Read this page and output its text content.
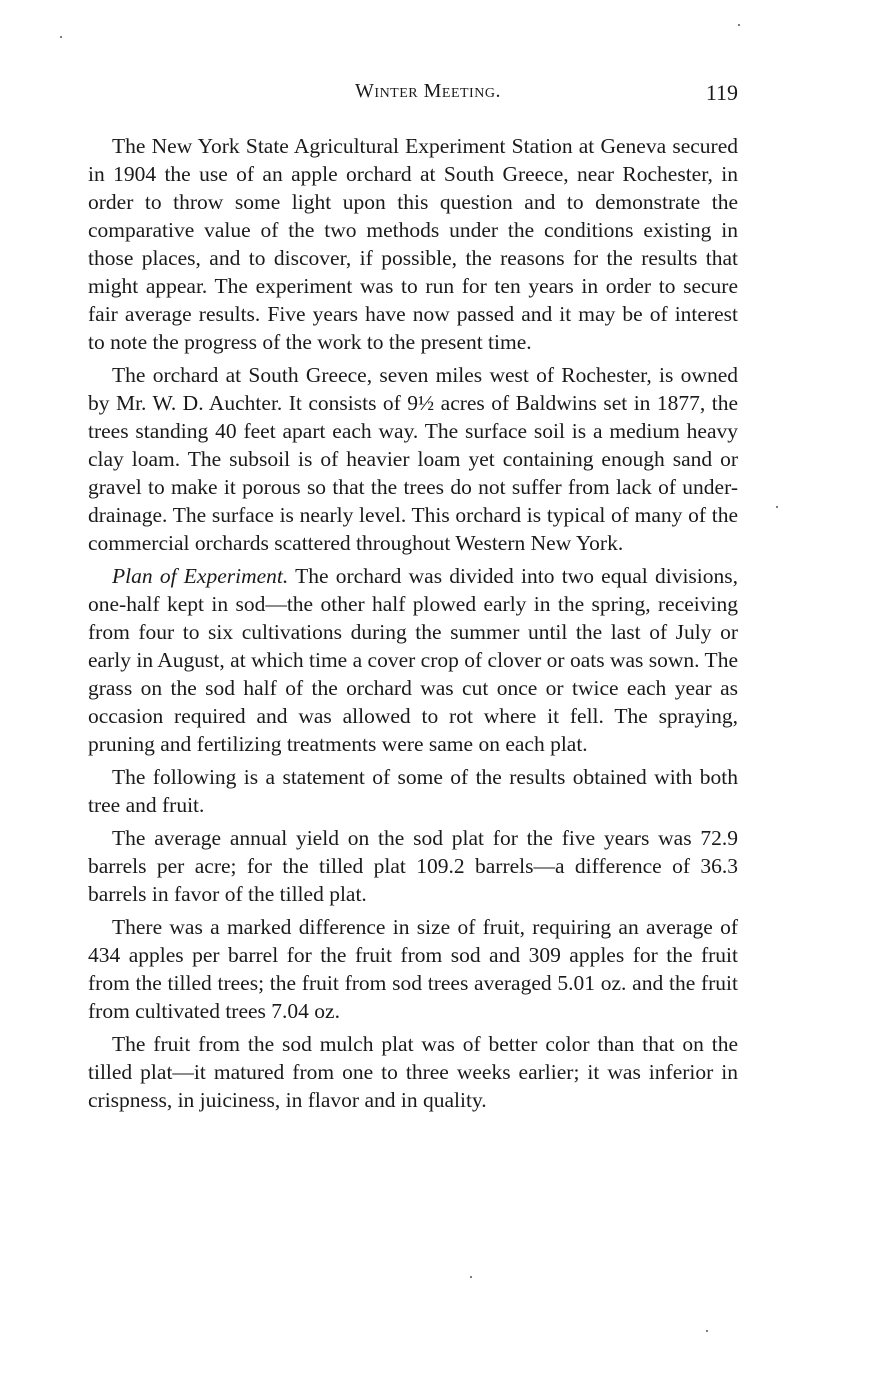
Winter Meeting.	119

The New York State Agricultural Experiment Station at Geneva secured in 1904 the use of an apple orchard at South Greece, near Rochester, in order to throw some light upon this question and to demonstrate the comparative value of the two methods under the conditions existing in those places, and to discover, if possible, the reasons for the results that might appear. The experiment was to run for ten years in order to secure fair average results. Five years have now passed and it may be of interest to note the progress of the work to the present time.

The orchard at South Greece, seven miles west of Rochester, is owned by Mr. W. D. Auchter. It consists of 9½ acres of Baldwins set in 1877, the trees standing 40 feet apart each way. The surface soil is a medium heavy clay loam. The subsoil is of heavier loam yet containing enough sand or gravel to make it porous so that the trees do not suffer from lack of under-drainage. The surface is nearly level. This orchard is typical of many of the commercial orchards scattered throughout Western New York.

Plan of Experiment. The orchard was divided into two equal divisions, one-half kept in sod—the other half plowed early in the spring, receiving from four to six cultivations during the summer until the last of July or early in August, at which time a cover crop of clover or oats was sown. The grass on the sod half of the orchard was cut once or twice each year as occasion required and was allowed to rot where it fell. The spraying, pruning and fertilizing treatments were same on each plat.

The following is a statement of some of the results obtained with both tree and fruit.

The average annual yield on the sod plat for the five years was 72.9 barrels per acre; for the tilled plat 109.2 barrels—a difference of 36.3 barrels in favor of the tilled plat.

There was a marked difference in size of fruit, requiring an average of 434 apples per barrel for the fruit from sod and 309 apples for the fruit from the tilled trees; the fruit from sod trees averaged 5.01 oz. and the fruit from cultivated trees 7.04 oz.

The fruit from the sod mulch plat was of better color than that on the tilled plat—it matured from one to three weeks earlier; it was inferior in crispness, in juiciness, in flavor and in quality.
